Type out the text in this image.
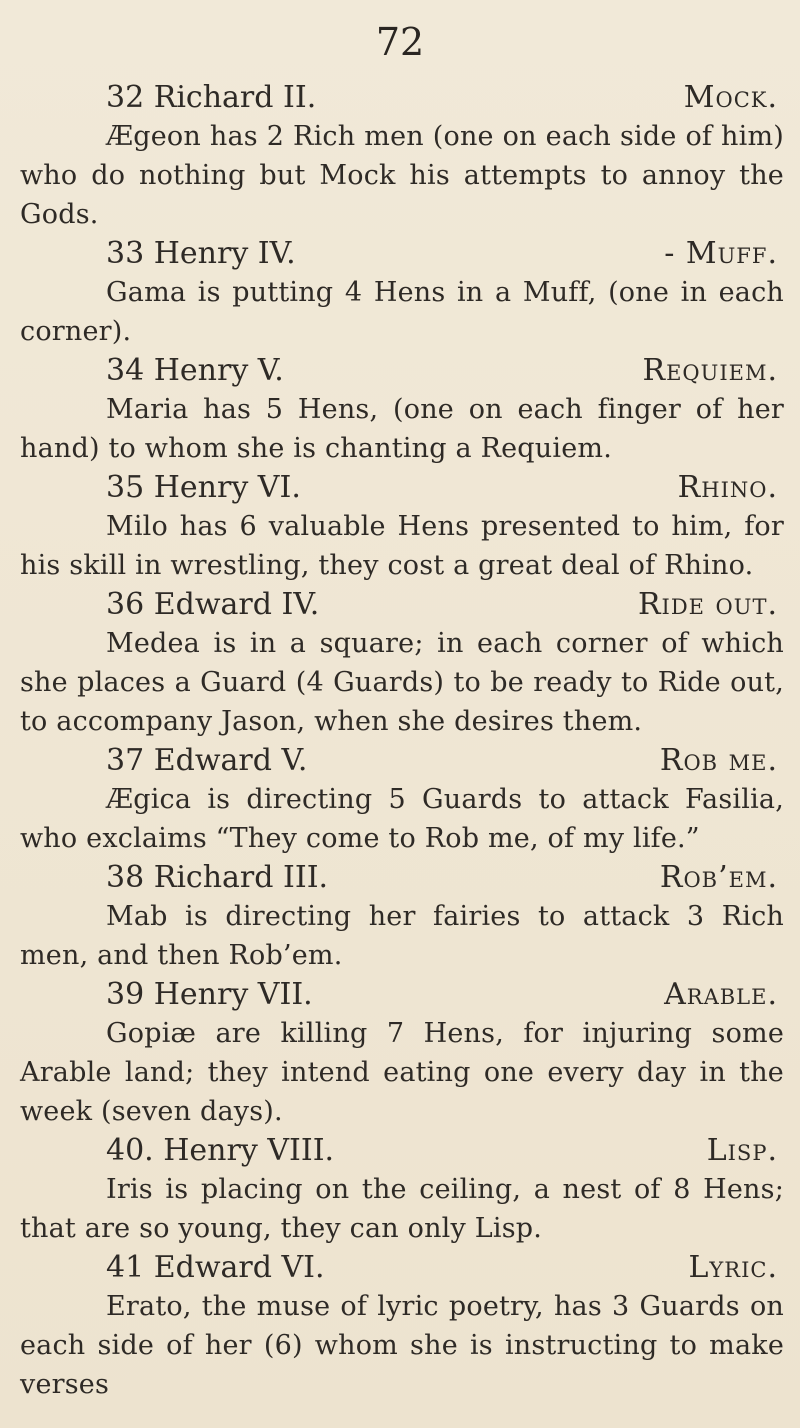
72
32 Richard II.	Mock.

Ægeon has 2 Rich men (one on each side of him) who do nothing but Mock his attempts to annoy the Gods.

33 Henry IV.	- Muff.

Gama is putting 4 Hens in a Muff, (one in each corner).

34 Henry V.	Requiem.

Maria has 5 Hens, (one on each finger of her hand) to whom she is chanting a Requiem.

35 Henry VI.	Rhino.

Milo has 6 valuable Hens presented to him, for his skill in wrestling, they cost a great deal of Rhino.

36 Edward IV.	Ride out.

Medea is in a square; in each corner of which she places a Guard (4 Guards) to be ready to Ride out, to accompany Jason, when she desires them.

37 Edward V.	Rob me.

Ægica is directing 5 Guards to attack Fasilia, who exclaims “They come to Rob me, of my life.”

38 Richard III.	Rob’em.

Mab is directing her fairies to attack 3 Rich men, and then Rob’em.

39 Henry VII.	Arable.

Gopiæ are killing 7 Hens, for injuring some Arable land; they intend eating one every day in the week (seven days).

40. Henry VIII.	Lisp.

Iris is placing on the ceiling, a nest of 8 Hens; that are so young, they can only Lisp.

41 Edward VI.	Lyric.

Erato, the muse of lyric poetry, has 3 Guards on each side of her (6) whom she is instructing to make verses
